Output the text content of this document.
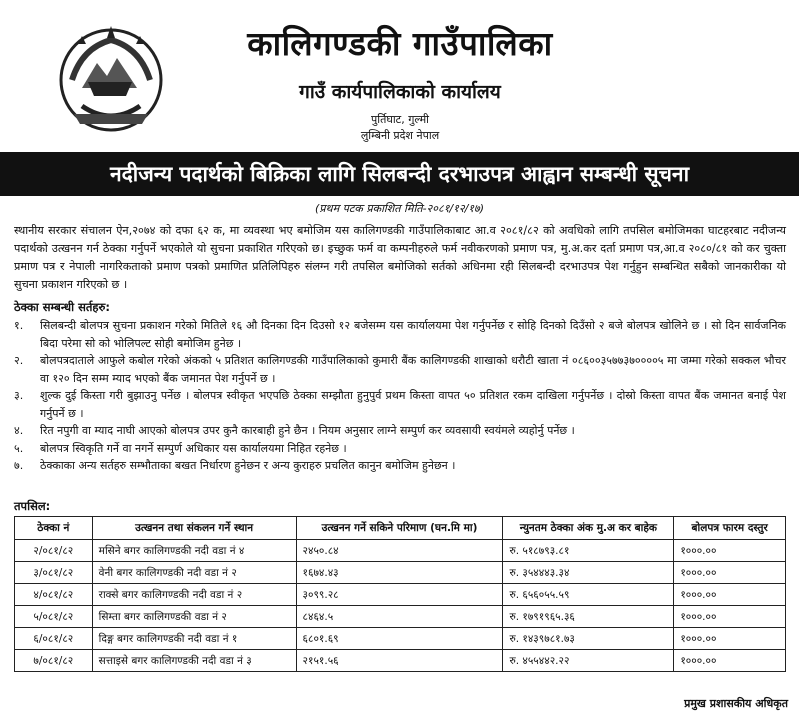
कालिगण्डकी गाउँपालिका
गाउँ कार्यपालिकाको कार्यालय
पुर्तिघाट, गुल्मी
लुम्बिनी प्रदेश नेपाल
नदीजन्य पदार्थको बिक्रिका लागि सिलबन्दी दरभाउपत्र आह्वान सम्बन्धी सूचना
(प्रथम पटक प्रकाशित मिति-२०८१/१२/१७)
स्थानीय सरकार संचालन ऐन,२०७४ को दफा ६२ क, मा व्यवस्था भए बमोजिम यस कालिगण्डकी गाउँपालिकाबाट आ.व २०८१/८२ को अवधिको लागि तपसिल बमोजिमका घाटहरबाट नदीजन्य पदार्थको उत्खनन गर्न ठेक्का गर्नुपर्ने भएकोले यो सुचना प्रकाशित गरिएको छ। इच्छुक फर्म वा कम्पनीहरुले फर्म नवीकरणको प्रमाण पत्र, मु.अ.कर दर्ता प्रमाण पत्र,आ.व २०८०/८१ को कर चुक्ता प्रमाण पत्र र नेपाली नागरिकताको प्रमाण पत्रको प्रमाणित प्रतिलिपिहरु संलग्न गरी तपसिल बमोजिको सर्तको अधिनमा रही सिलबन्दी दरभाउपत्र पेश गर्नुहुन सम्बन्धित सबैको जानकारीका यो सुचना प्रकाशन गरिएको छ ।
ठेक्का सम्बन्धी सर्तहरु:
१.	सिलबन्दी बोलपत्र सुचना प्रकाशन गरेको मितिले १६ औ दिनका दिन दिउसो १२ बजेसम्म यस कार्यालयमा पेश गर्नुपर्नेछ र सोहि दिनको दिउँसो २ बजे बोलपत्र खोलिने छ । सो दिन सार्वजनिक बिदा परेमा सो को भोलिपल्ट सोही बमोजिम हुनेछ ।
२.	बोलपत्रदाताले आफुले कबोल गरेको अंकको ५ प्रतिशत कालिगण्डकी गाउँपालिकाको कुमारी बैंक कालिगण्डकी शाखाको धरौटी खाता नं ०८६००३५७७३७००००५ मा जम्मा गरेको सक्कल भौचर वा १२० दिन सम्म म्याद भएको बैंक जमानत पेश गर्नुपर्ने छ ।
३.	शुल्क दुई किस्ता गरी बुझाउनु पर्नेछ । बोलपत्र स्वीकृत भएपछि ठेक्का सम्झौता हुनुपुर्व प्रथम किस्ता वापत ५० प्रतिशत रकम दाखिला गर्नुपर्नेछ । दोस्रो किस्ता वापत बैंक जमानत बनाई पेश गर्नुपर्ने छ ।
४.	रित नपुगी वा म्याद नाघी आएको बोलपत्र उपर कुनै कारबाही हुने छैन । नियम अनुसार लाग्ने सम्पुर्ण कर व्यवसायी स्वयंमले व्यहोर्नु पर्नेछ ।
५.	बोलपत्र स्विकृति गर्ने वा नगर्ने सम्पुर्ण अधिकार यस कार्यालयमा निहित रहनेछ ।
७.	ठेक्काका अन्य सर्तहरु सम्भौताका बखत निर्धारण हुनेछन र अन्य कुराहरु प्रचलित कानुन बमोजिम हुनेछन ।
तपसिल:
ठेक्का नं	उत्खनन तथा संकलन गर्ने स्थान	उत्खनन गर्ने सकिने परिमाण (घन.मि मा)	न्युनतम ठेक्का अंक मु.अ कर बाहेक	बोलपत्र फारम दस्तुर
२/०८१/८२	मसिने बगर कालिगण्डकी नदी वडा नं ४	२४५०.८४	रु. ५१८७९३.८१	१०००.००
३/०८१/८२	वेनी बगर कालिगण्डकी नदी वडा नं २	१६७४.४३	रु. ३५४४४३.३४	१०००.००
४/०८१/८२	राक्से बगर कालिगण्डकी नदी वडा नं २	३०९९.२८	रु. ६५६०५५.५९	१०००.००
५/०८१/८२	सिम्ता बगर कालिगण्डकी वडा नं २	८४६४.५	रु. १७९१९६५.३६	१०००.००
६/०८१/८२	दिङ्ग बगर कालिगण्डकी नदी वडा नं १	६८०१.६९	रु. १४३९७८१.७३	१०००.००
७/०८१/८२	सत्ताइसे बगर कालिगण्डकी नदी वडा नं ३	२१५१.५६	रु. ४५५४४२.२२	१०००.००
प्रमुख प्रशासकीय अधिकृत
